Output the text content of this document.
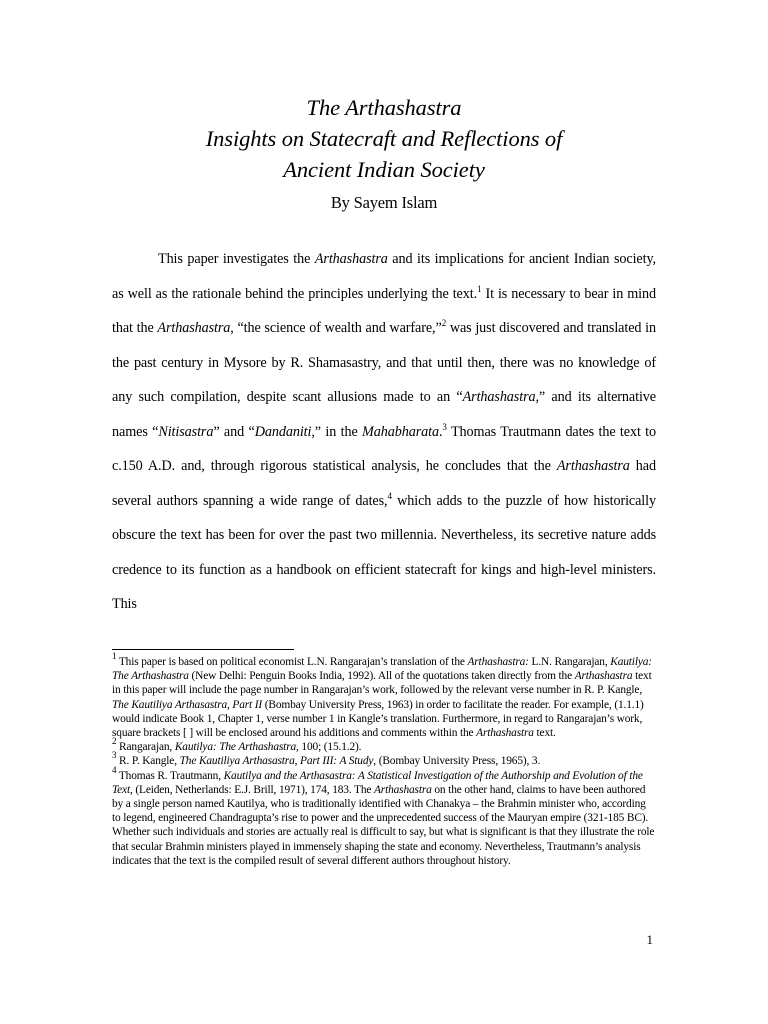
The Arthashastra
Insights on Statecraft and Reflections of
Ancient Indian Society
By Sayem Islam
This paper investigates the Arthashastra and its implications for ancient Indian society, as well as the rationale behind the principles underlying the text.$^1$ It is necessary to bear in mind that the Arthashastra, “the science of wealth and warfare,”$^2$ was just discovered and translated in the past century in Mysore by R. Shamasastry, and that until then, there was no knowledge of any such compilation, despite scant allusions made to an “Arthashastra,” and its alternative names “Nitisastra” and “Dandaniti,” in the Mahabharata.$^3$ Thomas Trautmann dates the text to c.150 A.D. and, through rigorous statistical analysis, he concludes that the Arthashastra had several authors spanning a wide range of dates,$^4$ which adds to the puzzle of how historically obscure the text has been for over the past two millennia. Nevertheless, its secretive nature adds credence to its function as a handbook on efficient statecraft for kings and high-level ministers. This

$^1$ This paper is based on political economist L.N. Rangarajan’s translation of the Arthashastra: L.N. Rangarajan, Kautilya: The Arthashastra (New Delhi: Penguin Books India, 1992). All of the quotations taken directly from the Arthashastra text in this paper will include the page number in Rangarajan’s work, followed by the relevant verse number in R. P. Kangle, The Kautiliya Arthasastra, Part II (Bombay University Press, 1963) in order to facilitate the reader. For example, (1.1.1) would indicate Book 1, Chapter 1, verse number 1 in Kangle’s translation. Furthermore, in regard to Rangarajan’s work, square brackets [ ] will be enclosed around his additions and comments within the Arthashastra text.

$^2$ Rangarajan, Kautilya: The Arthashastra, 100; (15.1.2).

$^3$ R. P. Kangle, The Kautiliya Arthasastra, Part III: A Study, (Bombay University Press, 1965), 3.

$^4$ Thomas R. Trautmann, Kautilya and the Arthasastra: A Statistical Investigation of the Authorship and Evolution of the Text, (Leiden, Netherlands: E.J. Brill, 1971), 174, 183. The Arthashastra on the other hand, claims to have been authored by a single person named Kautilya, who is traditionally identified with Chanakya – the Brahmin minister who, according to legend, engineered Chandragupta’s rise to power and the unprecedented success of the Mauryan empire (321-185 BC). Whether such individuals and stories are actually real is difficult to say, but what is significant is that they illustrate the role that secular Brahmin ministers played in immensely shaping the state and economy. Nevertheless, Trautmann’s analysis indicates that the text is the compiled result of several different authors throughout history.

1
